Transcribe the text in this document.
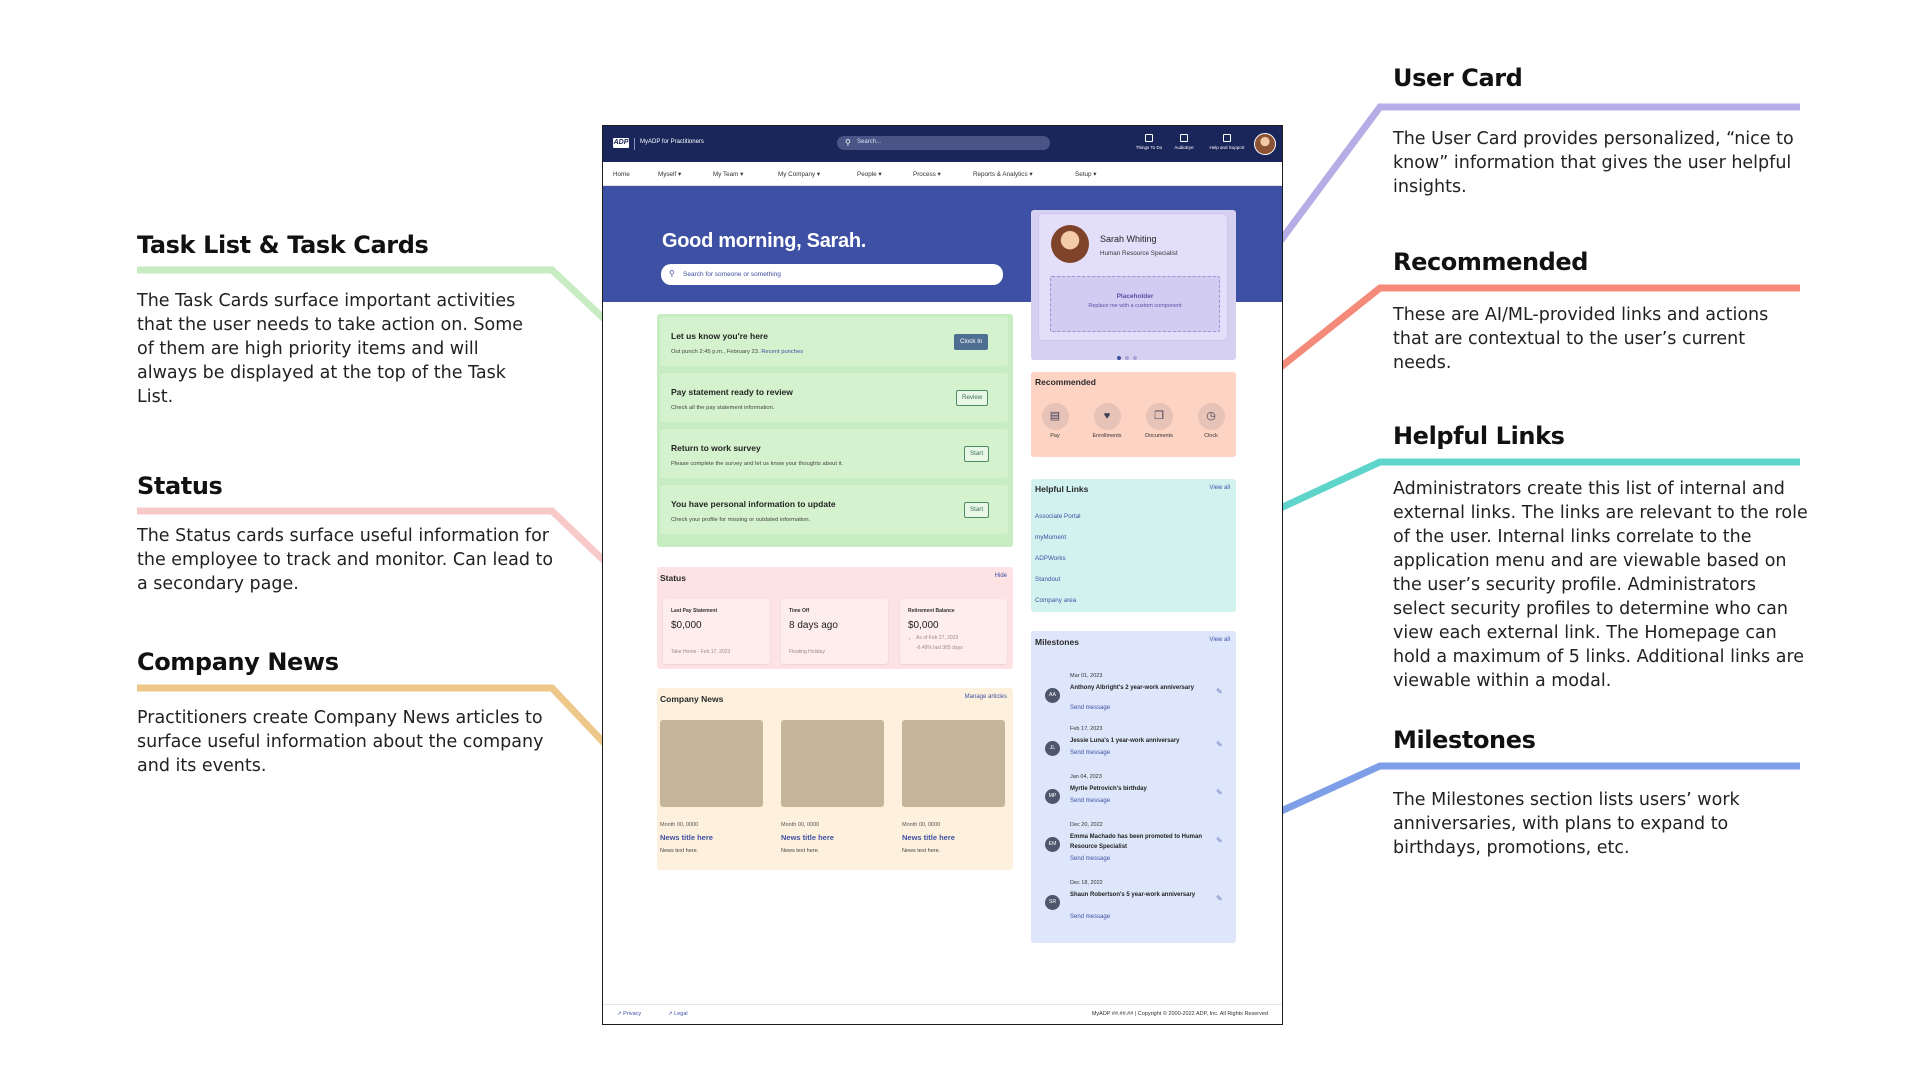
Task List & Task Cards
The Task Cards surface important activities
that the user needs to take action on. Some
of them are high priority items and will
always be displayed at the top of the Task
List.
Status
The Status cards surface useful information for
the employee to track and monitor. Can lead to
a secondary page.
Company News
Practitioners create Company News articles to
surface useful information about the company
and its events.
User Card
The User Card provides personalized, “nice to
know” information that gives the user helpful
insights.
Recommended
These are AI/ML-provided links and actions
that are contextual to the user’s current
needs.
Helpful Links
Administrators create this list of internal and
external links. The links are relevant to the role
of the user. Internal links correlate to the
application menu and are viewable based on
the user’s security profile. Administrators
select security profiles to determine who can
view each external link. The Homepage can
hold a maximum of 5 links. Additional links are
viewable within a modal.
Milestones
The Milestones section lists users’ work
anniversaries, with plans to expand to
birthdays, promotions, etc.
ADP MyADP for Practitioners	⚲ Search...
Things To Do	AudioEye	Help and Support
Home	Myself ▾	My Team ▾	My Company ▾	People ▾	Process ▾	Reports & Analytics ▾	Setup ▾
Good morning, Sarah.
⚲ Search for someone or something
Let us know you're here
Out punch 2:45 p.m., February 23. Recent punches
Clock In
Pay statement ready to review
Check all the pay statement information.
Review
Return to work survey
Please complete the survey and let us know your thoughts about it.
Start
You have personal information to update
Check your profile for missing or outdated information.
Start
Status	Hide
Last Pay Statement
$0,000
Take Home - Feb 17, 2023
Time Off
8 days ago
Floating Holiday
Retirement Balance
$0,000
↓ As of Feb 27, 2023
-6.49% last 365 days
Company News	Manage articles
Month 00, 0000
News title here
News text here.
Month 00, 0000
News title here
News text here.
Month 00, 0000
News title here
News text here.
Sarah Whiting
Human Resource Specialist
Placeholder
Replace me with a custom component
Recommended
▤
Pay
♥
Enrollments
❐
Documents
◷
Clock
Helpful Links	View all
Associate Portal
myMoment
ADPWorks
Standout
Company area
Milestones	View all
AA
Mar 01, 2023
Anthony Albright's 2 year-work anniversary
Send message
✎
JL
Feb 17, 2023
Jessie Luna's 1 year-work anniversary
Send message
✎
MP
Jan 04, 2023
Myrtle Petrovich's birthday
Send message
✎
EM
Dec 20, 2022
Emma Machado has been promoted to Human Resource Specialist
Send message
✎
SR
Dec 18, 2022
Shaun Robertson's 5 year-work anniversary
Send message
✎
↗ Privacy	↗ Legal	MyADP ##.##.## | Copyright © 2000-2022 ADP, Inc. All Rights Reserved
